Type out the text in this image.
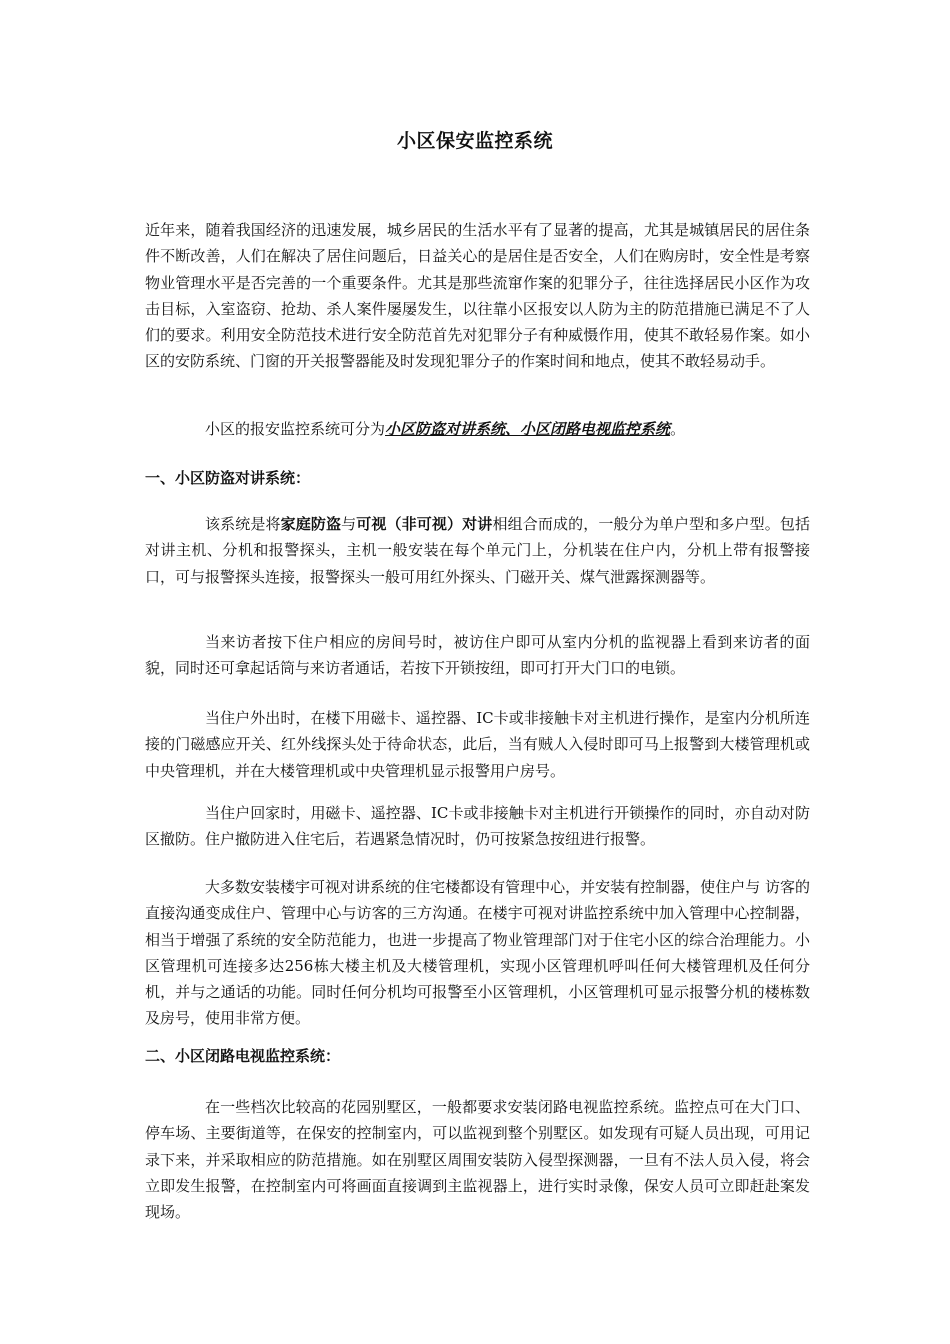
小区保安监控系统

近年来，随着我国经济的迅速发展，城乡居民的生活水平有了显著的提高，尤其是城镇居民的居住条件不断改善，人们在解决了居住问题后，日益关心的是居住是否安全，人们在购房时，安全性是考察物业管理水平是否完善的一个重要条件。尤其是那些流窜作案的犯罪分子，往往选择居民小区作为攻击目标，入室盗窃、抢劫、杀人案件屡屡发生，以往靠小区报安以人防为主的防范措施已满足不了人们的要求。利用安全防范技术进行安全防范首先对犯罪分子有种威慑作用，使其不敢轻易作案。如小区的安防系统、门窗的开关报警器能及时发现犯罪分子的作案时间和地点，使其不敢轻易动手。

小区的报安监控系统可分为小区防盗对讲系统、小区闭路电视监控系统。

一、小区防盗对讲系统：

该系统是将家庭防盗与可视（非可视）对讲相组合而成的，一般分为单户型和多户型。包括对讲主机、分机和报警探头，主机一般安装在每个单元门上，分机装在住户内，分机上带有报警接口，可与报警探头连接，报警探头一般可用红外探头、门磁开关、煤气泄露探测器等。

当来访者按下住户相应的房间号时，被访住户即可从室内分机的监视器上看到来访者的面貌，同时还可拿起话筒与来访者通话，若按下开锁按纽，即可打开大门口的电锁。

当住户外出时，在楼下用磁卡、遥控器、IC卡或非接触卡对主机进行操作，是室内分机所连接的门磁感应开关、红外线探头处于待命状态，此后，当有贼人入侵时即可马上报警到大楼管理机或中央管理机，并在大楼管理机或中央管理机显示报警用户房号。

当住户回家时，用磁卡、遥控器、IC卡或非接触卡对主机进行开锁操作的同时，亦自动对防区撤防。住户撤防进入住宅后，若遇紧急情况时，仍可按紧急按纽进行报警。

大多数安装楼宇可视对讲系统的住宅楼都设有管理中心，并安装有控制器，使住户与 访客的直接沟通变成住户、管理中心与访客的三方沟通。在楼宇可视对讲监控系统中加入管理中心控制器，相当于增强了系统的安全防范能力，也进一步提高了物业管理部门对于住宅小区的综合治理能力。小区管理机可连接多达256栋大楼主机及大楼管理机，实现小区管理机呼叫任何大楼管理机及任何分机，并与之通话的功能。同时任何分机均可报警至小区管理机，小区管理机可显示报警分机的楼栋数及房号，使用非常方便。

二、小区闭路电视监控系统：

在一些档次比较高的花园别墅区，一般都要求安装闭路电视监控系统。监控点可在大门口、停车场、主要街道等，在保安的控制室内，可以监视到整个别墅区。如发现有可疑人员出现，可用记录下来，并采取相应的防范措施。如在别墅区周围安装防入侵型探测器，一旦有不法人员入侵，将会立即发生报警，在控制室内可将画面直接调到主监视器上，进行实时录像，保安人员可立即赶赴案发现场。
